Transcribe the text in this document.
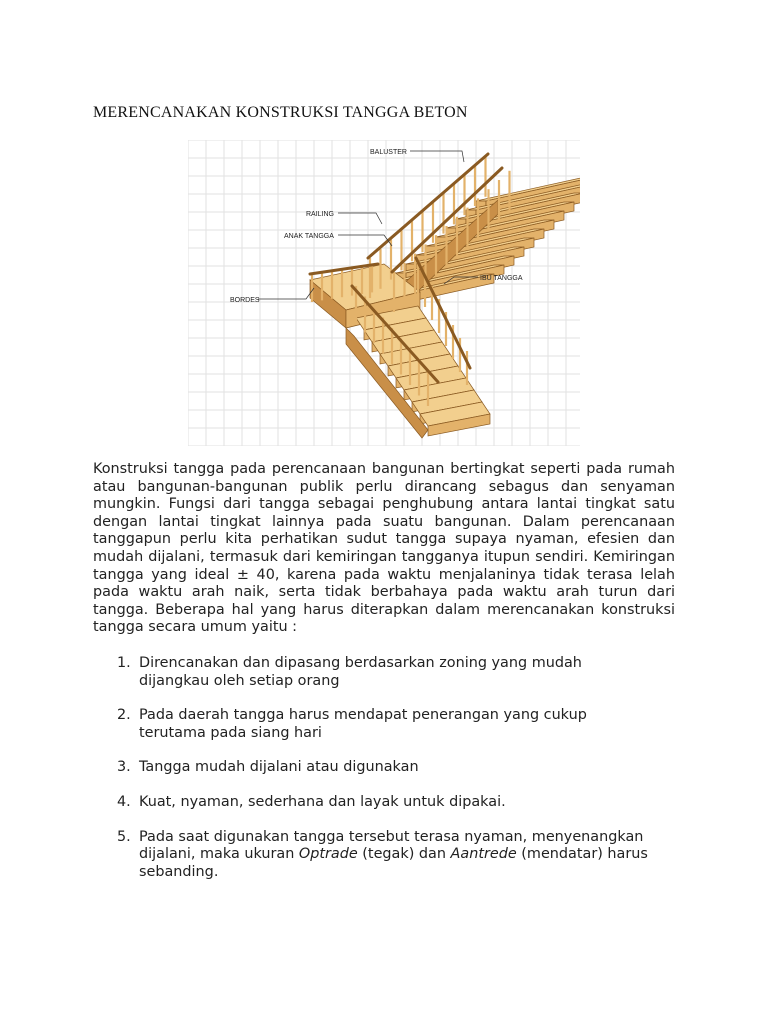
MERENCANAKAN KONSTRUKSI TANGGA BETON
BALUSTER
RAILING
ANAK TANGGA
IBU TANGGA
BORDES

Konstruksi tangga pada perencanaan bangunan bertingkat seperti pada rumah atau bangunan-bangunan publik perlu dirancang sebagus dan senyaman mungkin. Fungsi dari tangga sebagai penghubung antara lantai tingkat satu dengan lantai tingkat lainnya pada suatu bangunan. Dalam perencanaan tanggapun perlu kita perhatikan sudut tangga supaya nyaman, efesien dan mudah dijalani, termasuk dari kemiringan tangganya itupun sendiri. Kemiringan tangga yang ideal ± 40, karena pada waktu menjalaninya tidak terasa lelah pada waktu arah naik, serta tidak berbahaya pada waktu arah turun dari tangga. Beberapa hal yang harus diterapkan dalam merencanakan konstruksi tangga secara umum yaitu :

1. Direncanakan dan dipasang berdasarkan zoning yang mudah dijangkau oleh setiap orang
2. Pada daerah tangga harus mendapat penerangan yang cukup terutama pada siang hari
3. Tangga mudah dijalani atau digunakan
4. Kuat, nyaman, sederhana dan layak untuk dipakai.
5. Pada saat digunakan tangga tersebut terasa nyaman, menyenangkan dijalani, maka ukuran Optrade (tegak) dan Aantrede (mendatar) harus sebanding.
